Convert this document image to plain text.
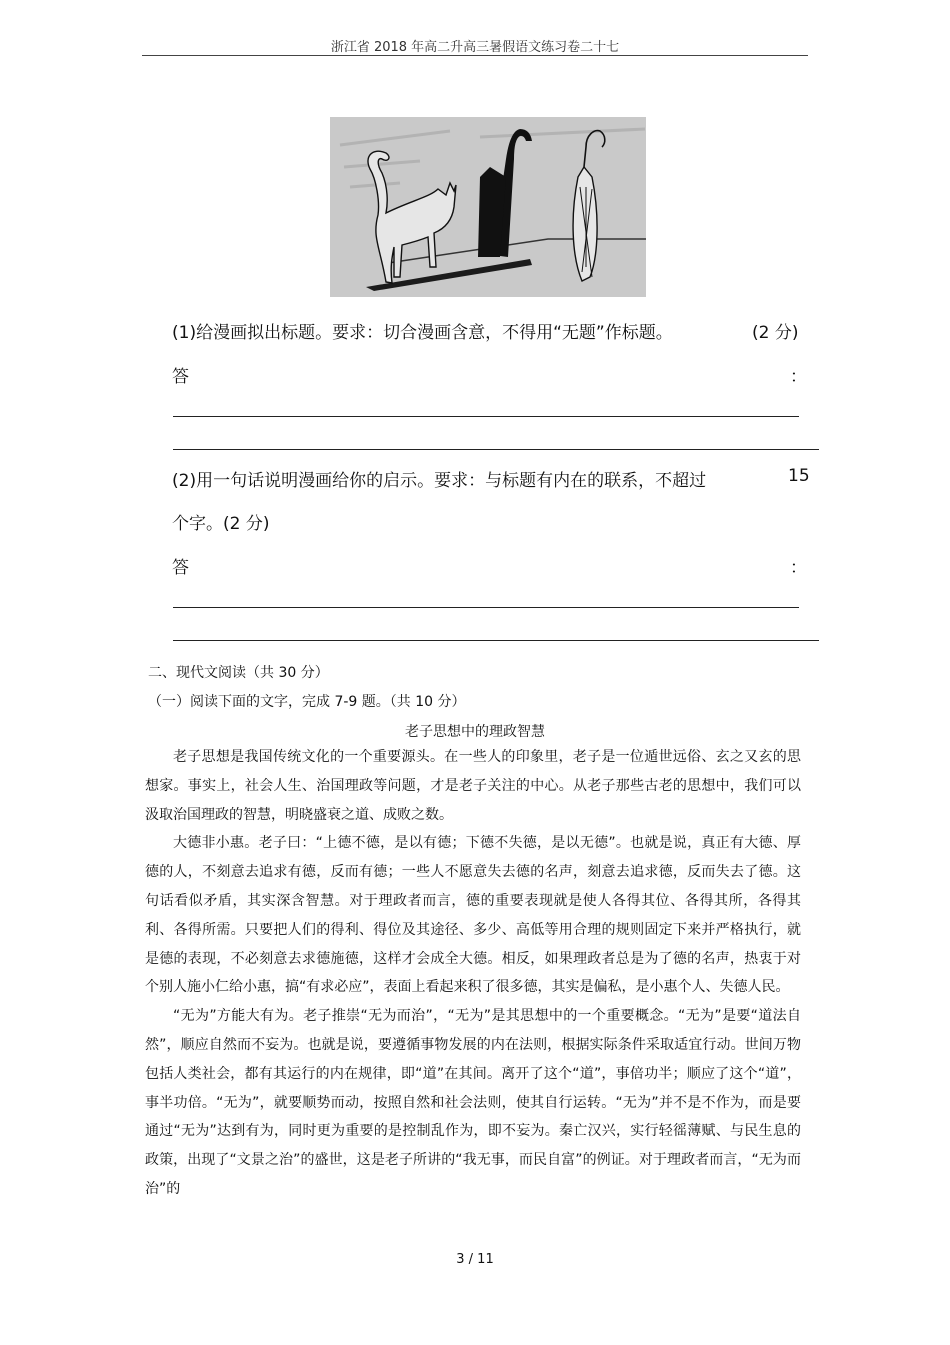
浙江省 2018 年高二升高三暑假语文练习卷二十七
(1)给漫画拟出标题。要求：切合漫画含意，不得用“无题”作标题。	(2 分)
答	：
(2)用一句话说明漫画给你的启示。要求：与标题有内在的联系，不超过	15
个字。(2 分)
答	：
二、现代文阅读（共 30 分）
（一）阅读下面的文字，完成 7-9 题。（共 10 分）
老子思想中的理政智慧

老子思想是我国传统文化的一个重要源头。在一些人的印象里，老子是一位遁世远俗、玄之又玄的思想家。事实上，社会人生、治国理政等问题，才是老子关注的中心。从老子那些古老的思想中，我们可以汲取治国理政的智慧，明晓盛衰之道、成败之数。

大德非小惠。老子曰：“上德不德，是以有德；下德不失德，是以无德”。也就是说，真正有大德、厚德的人，不刻意去追求有德，反而有德；一些人不愿意失去德的名声，刻意去追求德，反而失去了德。这句话看似矛盾，其实深含智慧。对于理政者而言，德的重要表现就是使人各得其位、各得其所，各得其利、各得所需。只要把人们的得利、得位及其途径、多少、高低等用合理的规则固定下来并严格执行，就是德的表现，不必刻意去求德施德，这样才会成全大德。相反，如果理政者总是为了德的名声，热衷于对个别人施小仁给小惠，搞“有求必应”，表面上看起来积了很多德，其实是偏私，是小惠个人、失德人民。

“无为”方能大有为。老子推崇“无为而治”，“无为”是其思想中的一个重要概念。“无为”是要“道法自然”，顺应自然而不妄为。也就是说，要遵循事物发展的内在法则，根据实际条件采取适宜行动。世间万物包括人类社会，都有其运行的内在规律，即“道”在其间。离开了这个“道”，事倍功半；顺应了这个“道”，事半功倍。“无为”，就要顺势而动，按照自然和社会法则，使其自行运转。“无为”并不是不作为，而是要通过“无为”达到有为，同时更为重要的是控制乱作为，即不妄为。秦亡汉兴，实行轻徭薄赋、与民生息的政策，出现了“文景之治”的盛世，这是老子所讲的“我无事，而民自富”的例证。对于理政者而言，“无为而治”的

3 / 11
